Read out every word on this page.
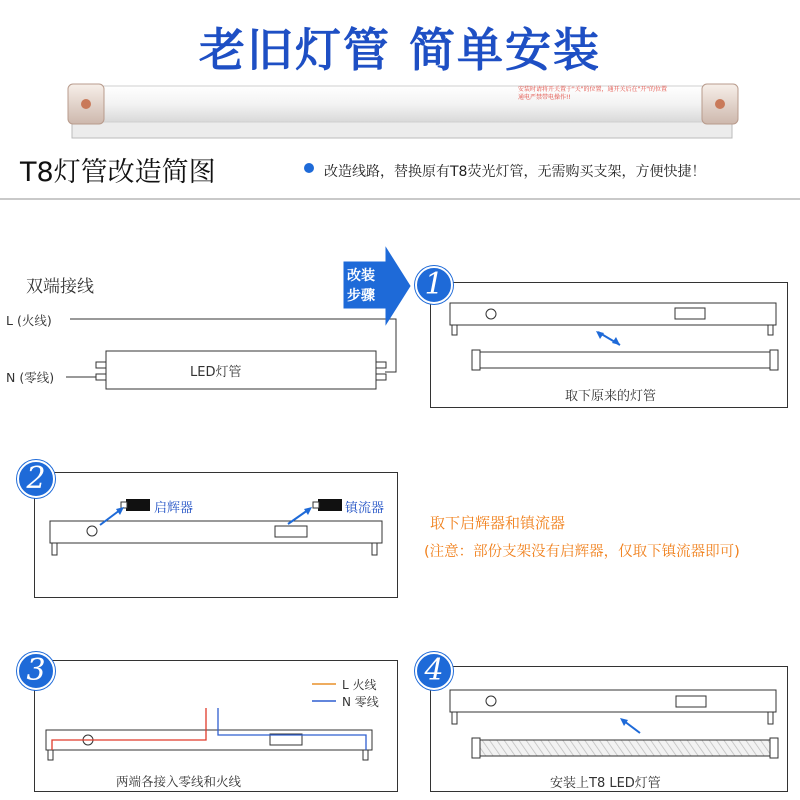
老旧灯管 简单安装
安装时请将开关置于"关"的位置，通开关后在"开"的位置通电严禁带电操作!!
T8灯管改造简图	改造线路，替换原有T8荧光灯管，无需购买支架，方便快捷！
双端接线
L (火线)
N (零线)	LED灯管
改装
步骤	1
取下原来的灯管
2
启辉器	镇流器
取下启辉器和镇流器
(注意：部份支架没有启辉器，仅取下镇流器即可)
3	L 火线
N 零线
两端各接入零线和火线
4
安装上T8 LED灯管
